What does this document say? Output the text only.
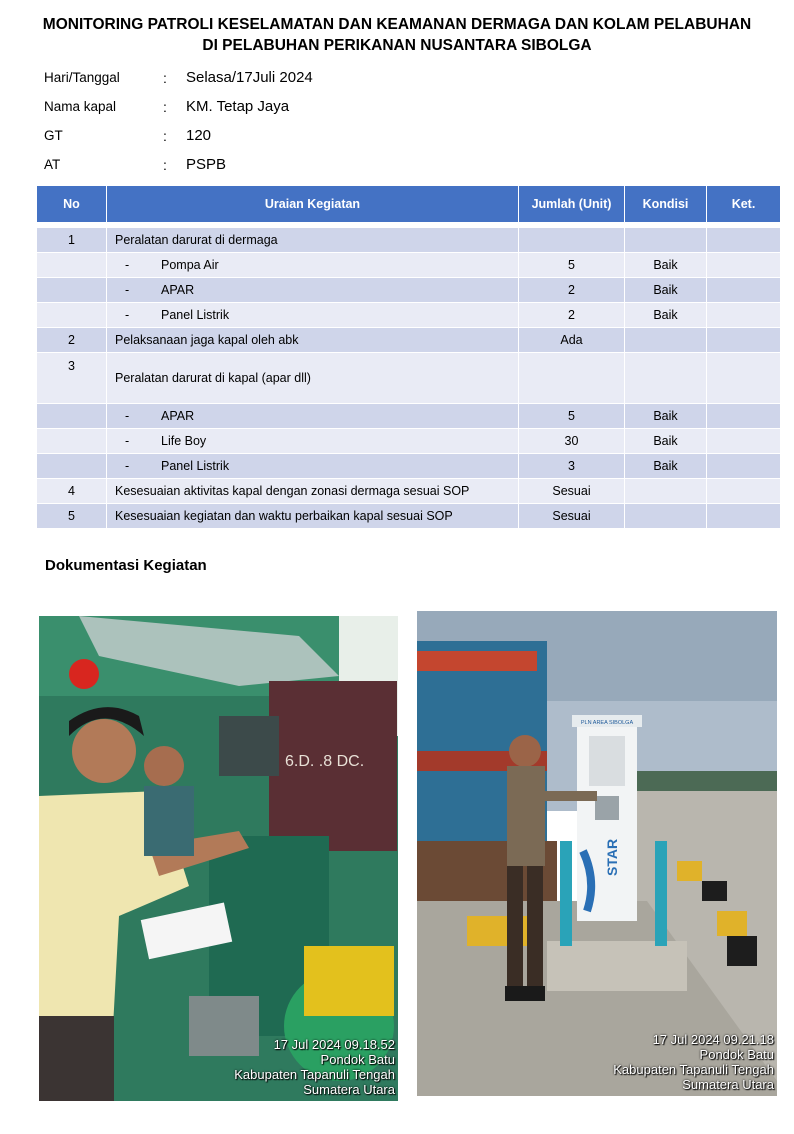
MONITORING PATROLI KESELAMATAN DAN KEAMANAN DERMAGA DAN KOLAM PELABUHAN
DI PELABUHAN PERIKANAN NUSANTARA SIBOLGA
Hari/Tanggal	: Selasa/17Juli 2024
Nama kapal	: KM. Tetap Jaya
GT	: 120
AT	: PSPB
No	Uraian Kegiatan	Jumlah (Unit)	Kondisi	Ket.

1	Peralatan darurat di dermaga			

	- Pompa Air	5	Baik	

	- APAR	2	Baik	

	- Panel Listrik	2	Baik	
2	Pelaksanaan jaga kapal oleh abk	Ada		
3	Peralatan darurat di kapal (apar dll)			

	- APAR	5	Baik	

	- Life Boy	30	Baik	

	- Panel Listrik	3	Baik	
4	Kesesuaian aktivitas kapal dengan zonasi dermaga sesuai SOP	Sesuai		
5	Kesesuaian kegiatan dan waktu perbaikan kapal sesuai SOP	Sesuai		
Dokumentasi Kegiatan
6.D. .8 DC.
17 Jul 2024 09.18.52
Pondok Batu
Kabupaten Tapanuli Tengah
Sumatera Utara
PLN AREA SIBOLGA
STAR
17 Jul 2024 09.21.18
Pondok Batu
Kabupaten Tapanuli Tengah
Sumatera Utara
